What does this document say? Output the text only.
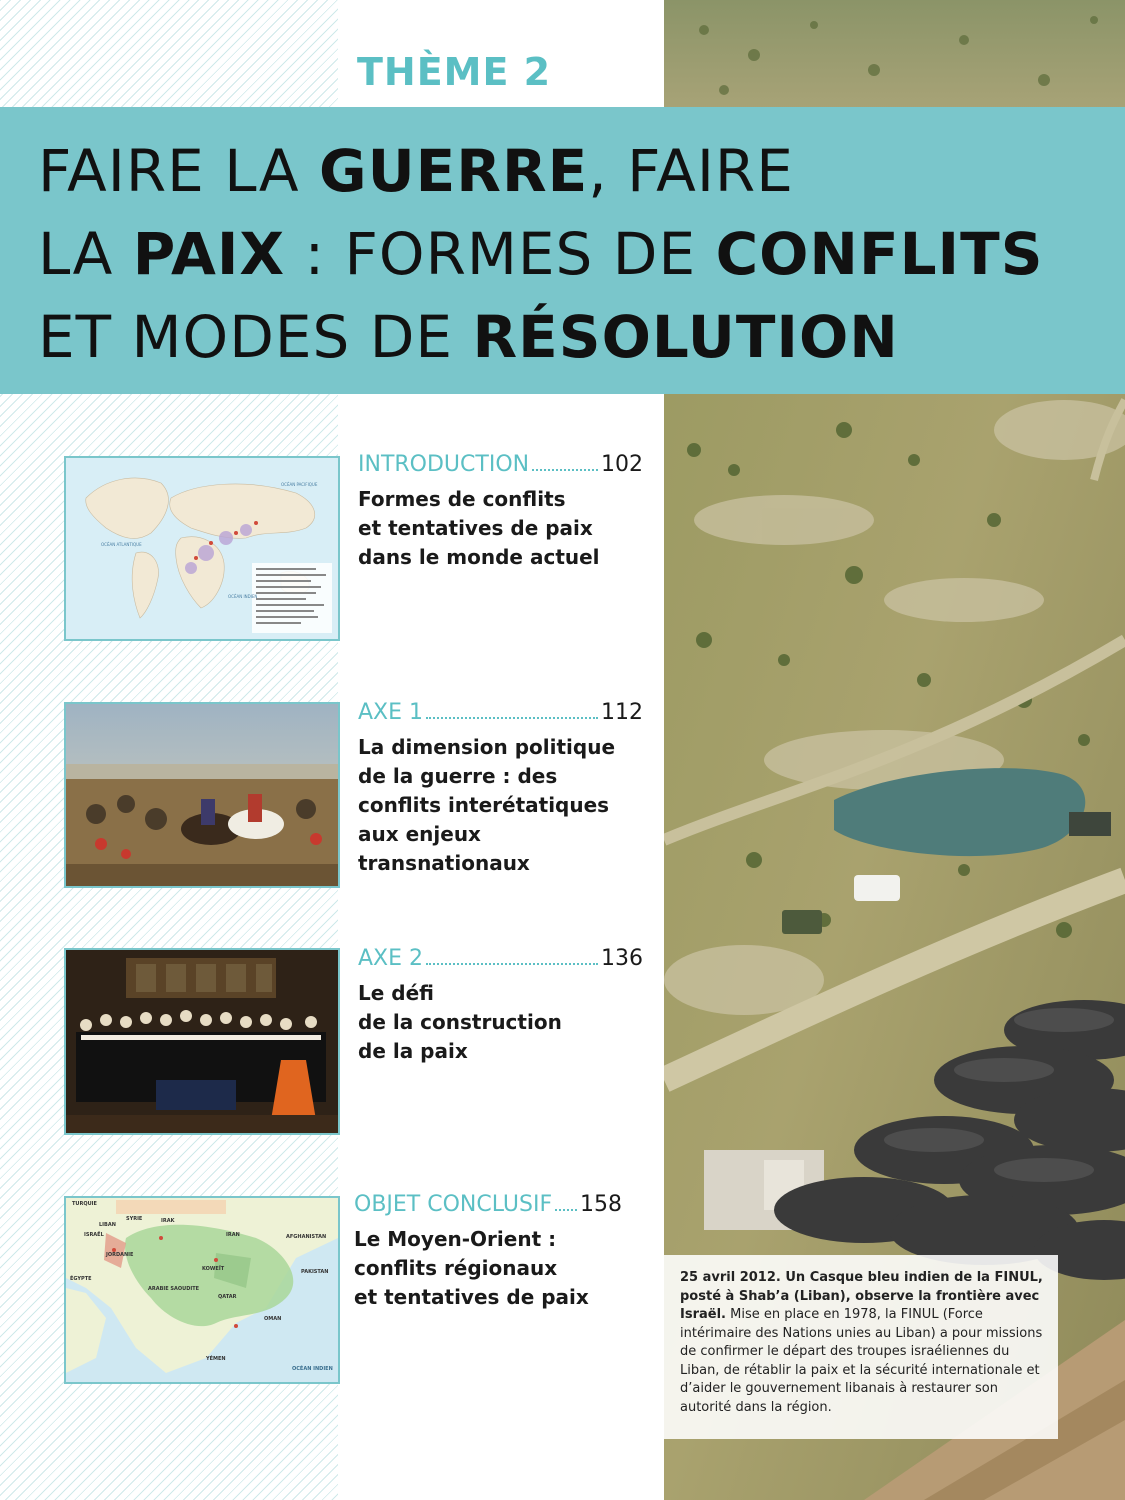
THÈME 2
FAIRE LA GUERRE, FAIRE
LA PAIX : FORMES DE CONFLITS
ET MODES DE RÉSOLUTION
OCÉAN PACIFIQUE
OCÉAN ATLANTIQUE
OCÉAN INDIEN
INTRODUCTION	102
Formes de conflits
et tentatives de paix
dans le monde actuel
AXE 1	112
La dimension politique
de la guerre : des
conflits interétatiques
aux enjeux
transnationaux
AXE 2	136
Le défi
de la construction
de la paix
TURQUIE
SYRIE	IRAK
IRAN
LIBAN
ISRAËL
JORDANIE
ÉGYPTE
ARABIE SAOUDITE
KOWEÏT
QATAR
OMAN
YÉMEN
AFGHANISTAN
PAKISTAN
OCÉAN INDIEN
OBJET CONCLUSIF 158
Le Moyen-Orient :
conflits régionaux
et tentatives de paix
25 avril 2012. Un Casque bleu indien de la FINUL, posté à Shab’a (Liban), observe la frontière avec Israël. Mise en place en 1978, la FINUL (Force intérimaire des Nations unies au Liban) a pour missions de confirmer le départ des troupes israéliennes du Liban, de rétablir la paix et la sécurité internationale et d’aider le gouvernement libanais à restaurer son autorité dans la région.
